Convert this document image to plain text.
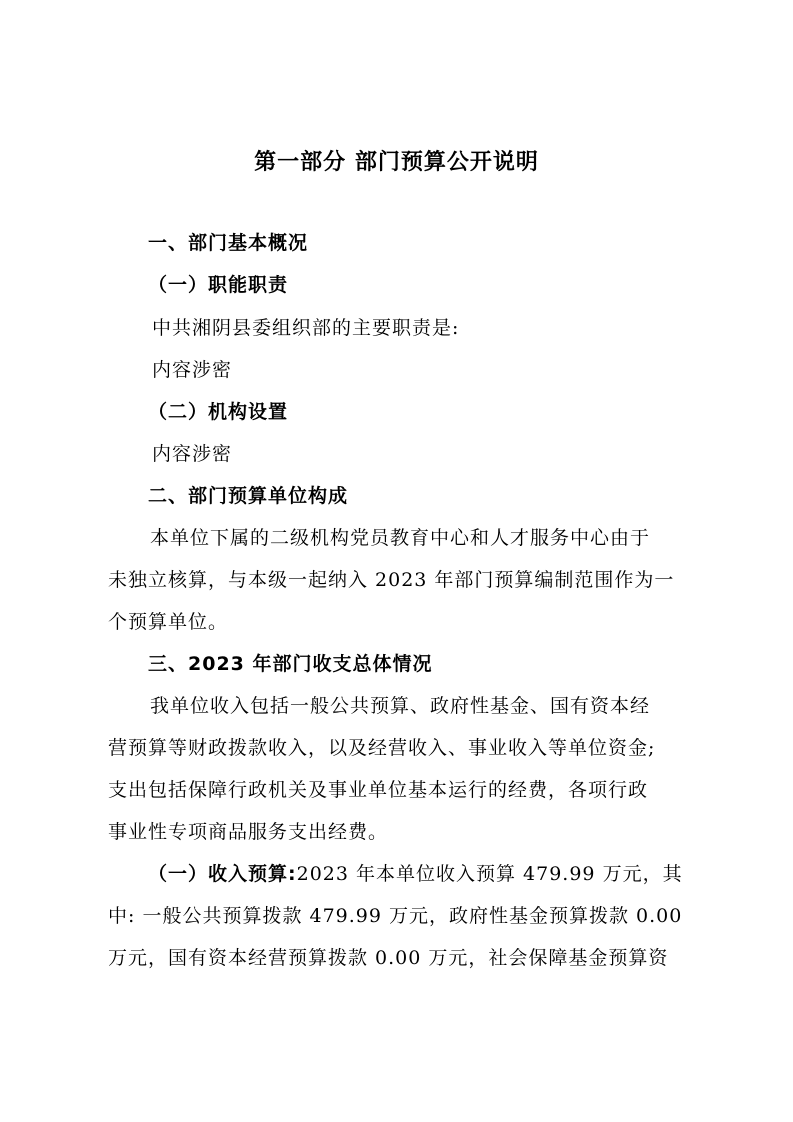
第一部分 部门预算公开说明
一、部门基本概况
（一）职能职责
中共湘阴县委组织部的主要职责是:
内容涉密
（二）机构设置
内容涉密
二、部门预算单位构成
本单位下属的二级机构党员教育中心和人才服务中心由于
未独立核算，与本级一起纳入 2023 年部门预算编制范围作为一
个预算单位。
三、2023 年部门收支总体情况
我单位收入包括一般公共预算、政府性基金、国有资本经
营预算等财政拨款收入，以及经营收入、事业收入等单位资金;
支出包括保障行政机关及事业单位基本运行的经费，各项行政
事业性专项商品服务支出经费。
（一）收入预算:2023 年本单位收入预算 479.99 万元，其
中: 一般公共预算拨款 479.99 万元，政府性基金预算拨款 0.00
万元，国有资本经营预算拨款 0.00 万元，社会保障基金预算资
